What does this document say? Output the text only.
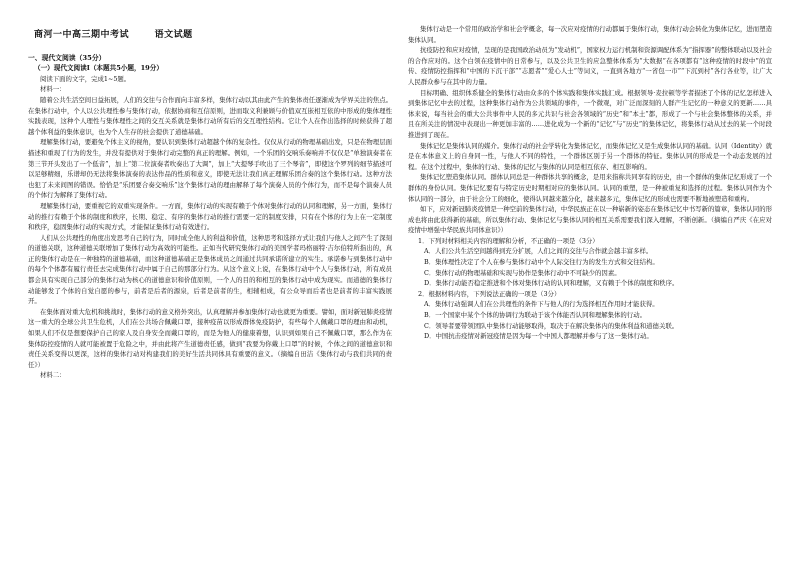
商河一中高三期中考试	语文试题
一、现代文阅读（35分）
（一）现代文阅读Ⅰ（本题共5小题，19分）

阅读下面的文字，完成1~5题。

材料一：

随着公共生活空间日益拓展，人们的交往与合作面向丰富多样，集体行动以其由此产生的集体责任逐渐成为学界关注的焦点。在集体行动中，个人以公共理性参与集体行动，依据协商和互信原则，进而取义利兼顾与价值双互嵌相互依的中形成的集体理性实践表现，这种个人理性与集体理性之间的交互关系就是集体行动所有后的交互理性结构。它让个人在作出选择的时候获得了超越个体利益的集体意识，也为个人生存的社会提供了道德基础。

理解集体行动，要避免个体主义的视角，要认识到集体行动超越个体的复杂性。仅仅从行动的物理基础出发，只是在物理层面描述和重现了行为的发生，并没有提供对于集体行动完整的真正的理解。例如，一个乐团的交响乐奏响并不仅仅是“单独演奏者在第三节开头发出了一个低音”，加上“第二位演奏者吹奏出了大调”，加上“大提琴手吹出了三个琴音”，即使这个罗列的细节描述可以足够精细，乐谱却仍无法将集体演奏的表达作品的性质和意义，即使无法让我们真正理解乐团合奏的这个集体行动。这种方法也犯了未来间图的错误。恰恰是“乐团要合奏交响乐”这个集体行动的理由解释了每个演奏人员的个体行为，而不是每个演奏人员的个体行为解释了集体行动。

理解集体行动，要重视它的双重实现条件。一方面，集体行动的实现有赖于个体对集体行动的认同和理解，另一方面，集体行动的推行有赖于个体的制度和秩序，长期、稳定、有序的集体行动的推行需要一定的制度安排，只有在个体的行为上在一定制度和秩序，稳固集体行动的实现方式，才能保证集体行动有效进行。

人们从公共理性的角度出发思考自己的行为，同时成全他人的利益和价值，这种思考和选择方式让我们与他人之间产生了深刻的道德关联，这种道德关联增加了集体行动为高效的可能性。正如当代研究集体行动的美国学者玛格丽特·吉尔伯特所指出的，真正的集体行动是在一种独特的道德基础，而这种道德基础正是集体成员之间通过共同承诺所建立的实生。承诺参与到集体行动中的每个个体都有履行责任去完成集体行动中属于自己的那部分行为。从这个意义上说，在集体行动中个人与集体行动，所有成员都会具有实现自己部分的集体行动为核心的道德意识和价值原则，一个人的目的和相互的集体行动中成为现实。而道德的集体行动能够发了个体的自觉自愿的参与，前者是后者的源泉，后者是前者的生，相辅相成，有公众导而后者也是前者的丰富实践展开。

在集体面对重大危机和挑战时，集体行动的意义格外突出，认真理解并参加集体行动也就更为重要。譬如，面对新冠肺炎疫情这一重大的全球公共卫生危机，人们在公共场合佩戴口罩，接种疫苗以形成群体免疫防护，有些每个人佩戴口罩的理由和动机，如果人们不仅是想要保护自己的家人及自身安全而戴口罩的，而是为他人的健康着想，认识到如果自己不佩戴口罩，那么作为在集体防控疫情的人就可能被置于危险之中，并由此将产生道德责任感，做到“我要为你戴上口罩”的时候，个体之间的道德意识和责任关系变得以更深，这样的集体行动对构建我们的美好生活共同体具有重要的意义。（摘编自田洁《集体行动与我们共同的责任》）

材料二：

集体行动是一个常用的政治学和社会学概念，每一次应对疫情的行动都属于集体行动，集体行动会转化为集体记忆，进而塑造集体认同。

抗疫防控和应对疫情，呈现的是我国政治动员为“发动机”，国家权力运行机制和资源调配体系为“指挥器”的整体联动以及社会的合作应对的。这个白领在疫情中的日常参与，以及公共卫生的应急整体体系为“大数据”在各项都有“这种疫情的时段中”的宣传、疫情防控指挥和“中国的下沉干部”“志愿者”“爱心人士”等词义，一直到各地方“一省包一市”“下沉到村”各行各业等，让广大人民群众参与在其中的力量。

目标明确、组织体系健全的集体行动由众多的个体实践和集体实践汇成。根据领导·麦拉顿等学者描述了个体的记忆怎样进入到集体记忆中去的过程，这种集体行动作为公共领域的事件，一个微观，对广泛而深刻的人群产生记忆的一种意义的更新……具体来说，每当社会的重大公共事件中人民的多元共识与社会各领域的“历史”和“本土”都，形成了一个与社会集体整体的关系，并且在所关注的情况中表现出一种更加丰富的……进化成为一个新的“记忆”与“历史”的集体记忆，将集体行动从过去的某一个时段推进到了现在。

集体记忆是集体认同的媒介。集体行动的社会学转化为集体记忆，而集体记忆又是生成集体认同的基础。认同（Identity）就是在本体意义上的自身同一性，与他人不同的特性，一个群体区别于另一个群体的特征。集体认同的形成是一个动态发展的过程。在这个过程中，集体的行动、集体的记忆与集体的认同是相互依存、相互影响的。

集体记忆塑造集体认同。群体认同总是一种群体共享的概念，是用来指称共同享有的历史，由一个群体的集体记忆形成了一个群体的身份认同。集体记忆要有与特定历史时期相对应的集体认同。认同的重塑，是一种被重复和选择的过程。集体认同作为个体认同的一部分，由于社会分工的细化，使得认同越来越分化，越来越多元，集体记忆的形成也需要不断地被塑造和重构。

如下，应对新冠肺炎疫情是一种空前的集体行动，中华民族正在以一种崭新的姿态在集体记忆中书写新的篇章，集体认同的形成也将由此获得新的基础，所以集体行动、集体记忆与集体认同的相互关系需要我们深入理解，不断创新。（摘编自严庆《在应对疫情中增强中华民族共同体意识》）

1．下列对材料相关内容的理解和分析，不正确的一项是（3分）

A．人们公共生活空间越得到充分扩展，人们之间的交往与合作就会越丰富多样。

B．集体理性决定了个人在参与集体行动中个人际交往行为的发生方式和交往结构。

C．集体行动的物理基础和实现与协作是集体行动中不可缺少的因素。

D．集体行动能否稳定推进和个体对集体行动的认同和理解，又有赖于个体的制度和秩序。

2．根据材料内容，下列说法正确的一项是（3分）

A．集体行动强调人们在公共理性的条件下与他人的行为选择相互作用时才能获得。

B．一个国家中某个个体的协调行为联动于该个体能否认同和理解集体的行动。

C．领导者要带领团队中集体行动能够取得，取决于在解决集体内的集体利益和道德关联。

D．中国抗击疫情对新冠疫情是因为每一个中国人都理解并参与了这一集体行动。
